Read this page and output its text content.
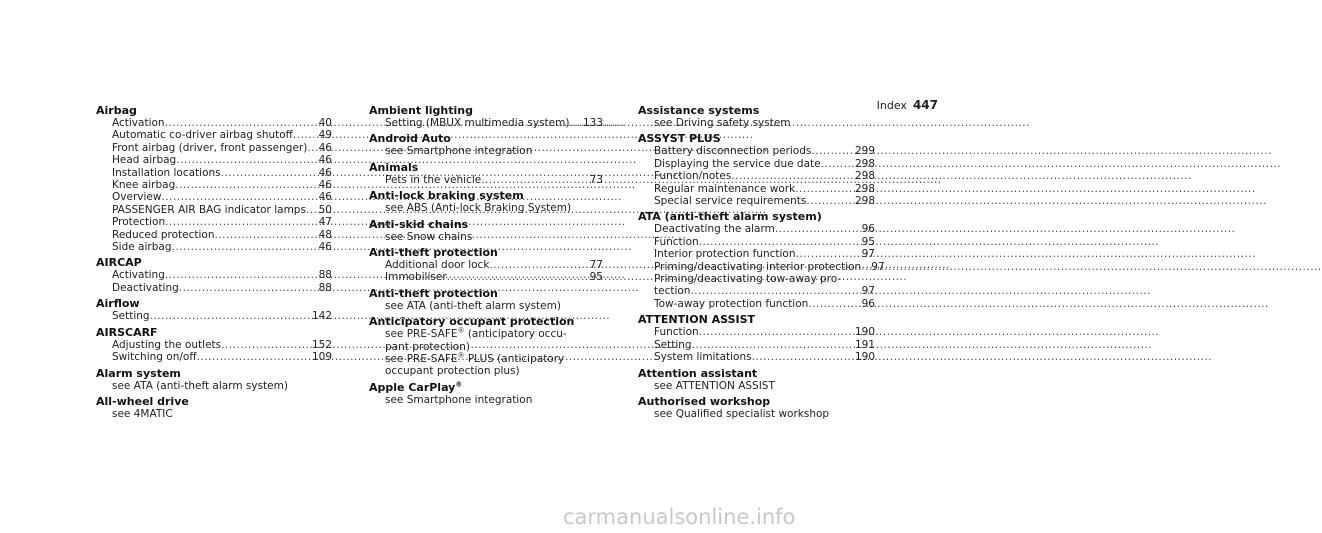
Index 447
Airbag
Activation .....	40
Automatic co-driver airbag shutoff ..... 49
Front airbag (driver, front passenger) ..... 46
Head airbag .....	46
Installation locations .....	46
Knee airbag .....	46
Overview .....	46
PASSENGER AIR BAG indicator lamps ..... 50
Protection .....	47
Reduced protection .....	48
Side airbag .....	46
AIRCAP
Activating .....	88
Deactivating .....	88
Airflow
Setting .....	142
AIRSCARF
Adjusting the outlets .....	152
Switching on/off .....	109
Alarm system
see ATA (anti-theft alarm system)
All-wheel drive
see 4MATIC
Ambient lighting
Setting (MBUX multimedia system) ..... 133
Android Auto
see Smartphone integration
Animals
Pets in the vehicle .....	73
Anti-lock braking system
see ABS (Anti-lock Braking System)
Anti-skid chains
see Snow chains
Anti-theft protection
Additional door lock .....	77
Immobiliser .....	95
Anti-theft protection
see ATA (anti-theft alarm system)
Anticipatory occupant protection
see PRE-SAFE® (anticipatory occu-
pant protection)
see PRE-SAFE® PLUS (anticipatory
occupant protection plus)
Apple CarPlay®
see Smartphone integration
Assistance systems
see Driving safety system
ASSYST PLUS
Battery disconnection periods .....	299
Displaying the service due date .....	298
Function/notes .....	298
Regular maintenance work .....	298
Special service requirements .....	298
ATA (anti-theft alarm system)
Deactivating the alarm .....	96
Function .....	95
Interior protection function .....	97
Priming/deactivating interior protection ..... 97
Priming/deactivating tow-away pro-
tection .....	97
Tow-away protection function .....	96
ATTENTION ASSIST
Function .....	190
Setting .....	191
System limitations .....	190
Attention assistant
see ATTENTION ASSIST
Authorised workshop
see Qualified specialist workshop
carmanualsonline.info
